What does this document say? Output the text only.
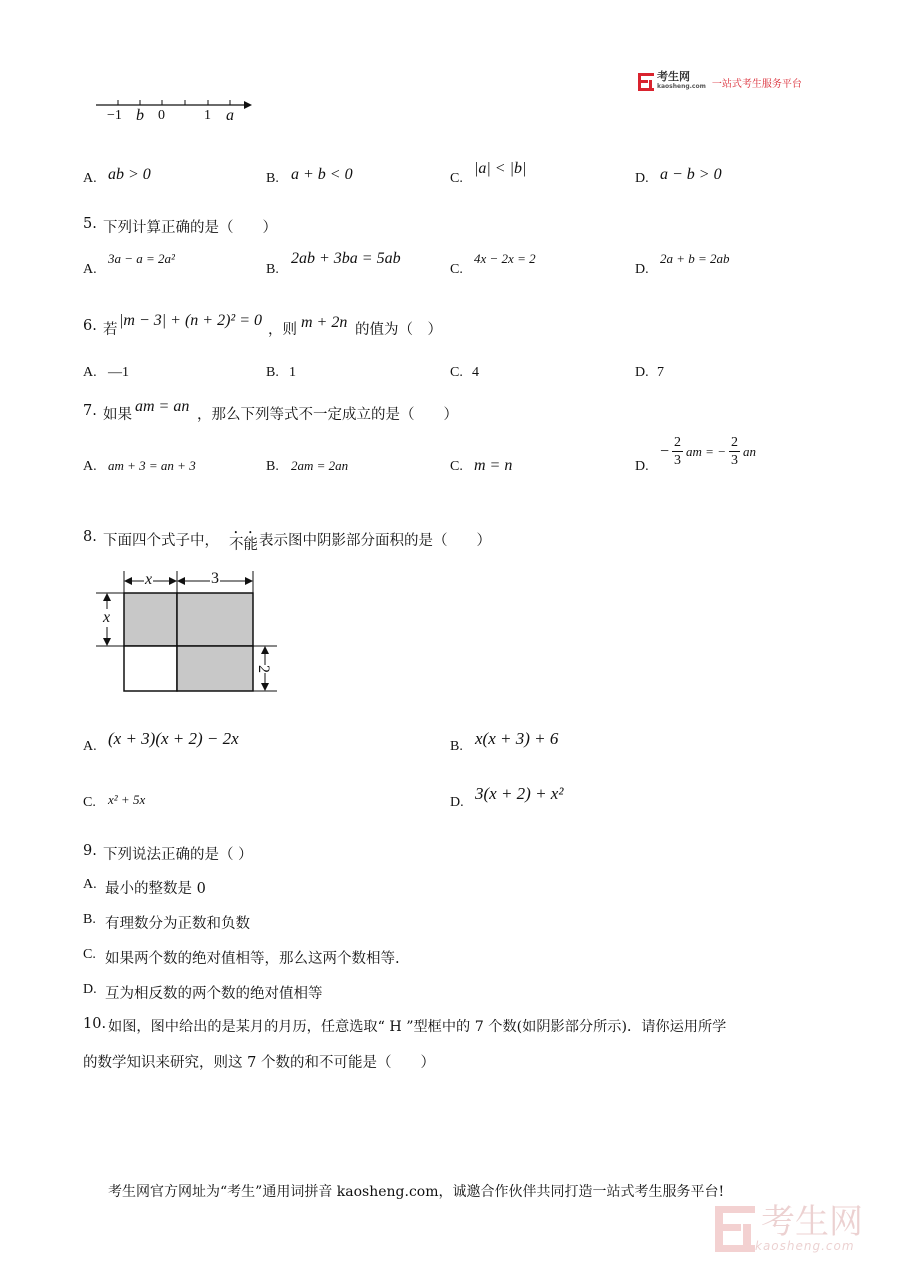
考生网
kaosheng.com 一站式考生服务平台
−1 b 0	1 a
A. ab > 0	B. a + b < 0	C.
|a| < |b|
D. a − b > 0
5. 下列计算正确的是（　　）
A.
3a − a = 2a²
B.
2ab + 3ba = 5ab
C.
4x − 2x = 2
D.
2a + b = 2ab
6. 若
|m − 3| + (n + 2)² = 0
，则 m + 2n 的值为（　）
A. —1	B. 1	C. 4	D. 7
7. 如果 am = an ，那么下列等式不一定成立的是（　　）
A. am + 3 = an + 3	B. 2am = 2an	C. m = n	D.
− 2
3
am = −
2
3
an
8. 下面四个式子中， 不能 表示图中阴影部分面积的是（　　）
x	3
x
2
A. (x + 3)(x + 2) − 2x	B. x(x + 3) + 6
C. x² + 5x	D. 3(x + 2) + x²
9. 下列说法正确的是（ ）
A. 最小的整数是 0
B. 有理数分为正数和负数
C. 如果两个数的绝对值相等，那么这两个数相等.
D. 互为相反数的两个数的绝对值相等
10. 如图，图中给出的是某月的月历，任意选取“ H ”型框中的 7 个数(如阴影部分所示)．请你运用所学
的数学知识来研究，则这 7 个数的和不可能是（　　）
考生网官方网址为“考生”通用词拼音 kaosheng.com，诚邀合作伙伴共同打造一站式考生服务平台!
考生网
kaosheng.com
